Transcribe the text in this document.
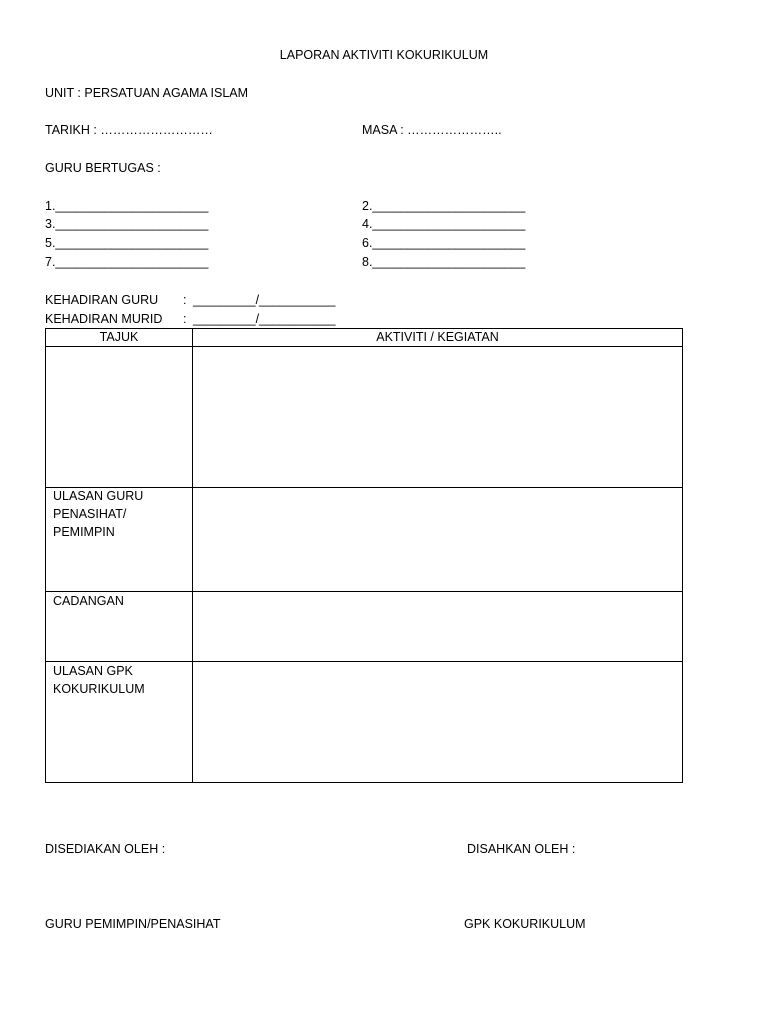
LAPORAN AKTIVITI KOKURIKULUM
UNIT : PERSATUAN AGAMA ISLAM
TARIKH : ………………………	MASA : …………………..
GURU BERTUGAS :
1.______________________	2.______________________
3.______________________	4.______________________
5.______________________	6.______________________
7.______________________	8.______________________
KEHADIRAN GURU : _________/___________
KEHADIRAN MURID : _________/___________
TAJUK	AKTIVITI / KEGIATAN
ULASAN GURU PENASIHAT/ PEMIMPIN
CADANGAN
ULASAN GPK KOKURIKULUM
DISEDIAKAN OLEH :	DISAHKAN OLEH :
GURU PEMIMPIN/PENASIHAT	GPK KOKURIKULUM
